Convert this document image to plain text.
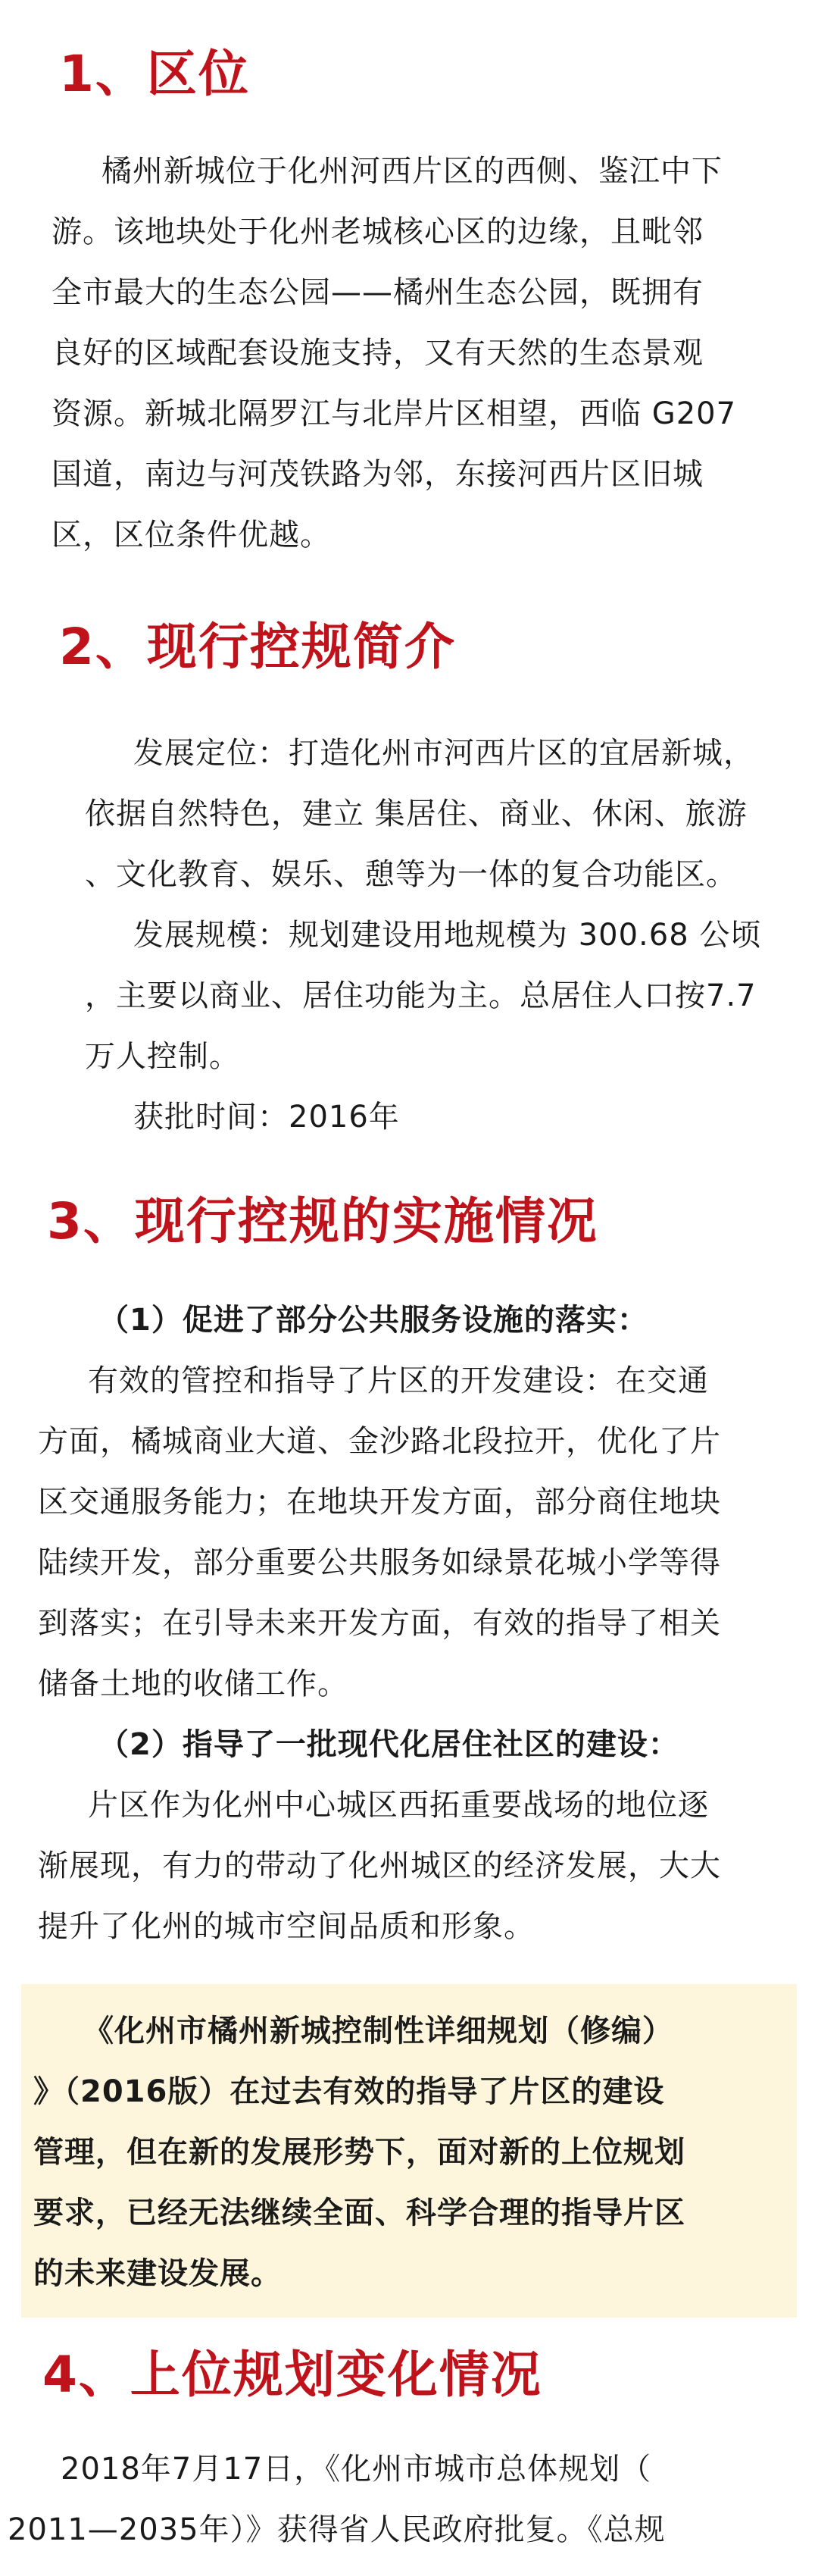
1、区位
橘州新城位于化州河西片区的西侧、鉴江中下
游。该地块处于化州老城核心区的边缘，且毗邻
全市最大的生态公园——橘州生态公园，既拥有
良好的区域配套设施支持，又有天然的生态景观
资源。新城北隔罗江与北岸片区相望，西临 G207
国道，南边与河茂铁路为邻，东接河西片区旧城
区，区位条件优越。
2、现行控规简介
发展定位：打造化州市河西片区的宜居新城，
依据自然特色，建立 集居住、商业、休闲、旅游
、文化教育、娱乐、憩等为一体的复合功能区。
发展规模：规划建设用地规模为 300.68 公顷
，主要以商业、居住功能为主。总居住人口按7.7
万人控制。
获批时间：2016年
3、现行控规的实施情况
（1）促进了部分公共服务设施的落实：
有效的管控和指导了片区的开发建设：在交通
方面，橘城商业大道、金沙路北段拉开，优化了片
区交通服务能力；在地块开发方面，部分商住地块
陆续开发，部分重要公共服务如绿景花城小学等得
到落实；在引导未来开发方面，有效的指导了相关
储备土地的收储工作。
（2）指导了一批现代化居住社区的建设：
片区作为化州中心城区西拓重要战场的地位逐
渐展现，有力的带动了化州城区的经济发展，大大
提升了化州的城市空间品质和形象。
《化州市橘州新城控制性详细规划（修编）
》（2016版）在过去有效的指导了片区的建设
管理，但在新的发展形势下，面对新的上位规划
要求，已经无法继续全面、科学合理的指导片区
的未来建设发展。
4、上位规划变化情况
2018年7月17日，《化州市城市总体规划（
2011—2035年）》获得省人民政府批复。《总规
